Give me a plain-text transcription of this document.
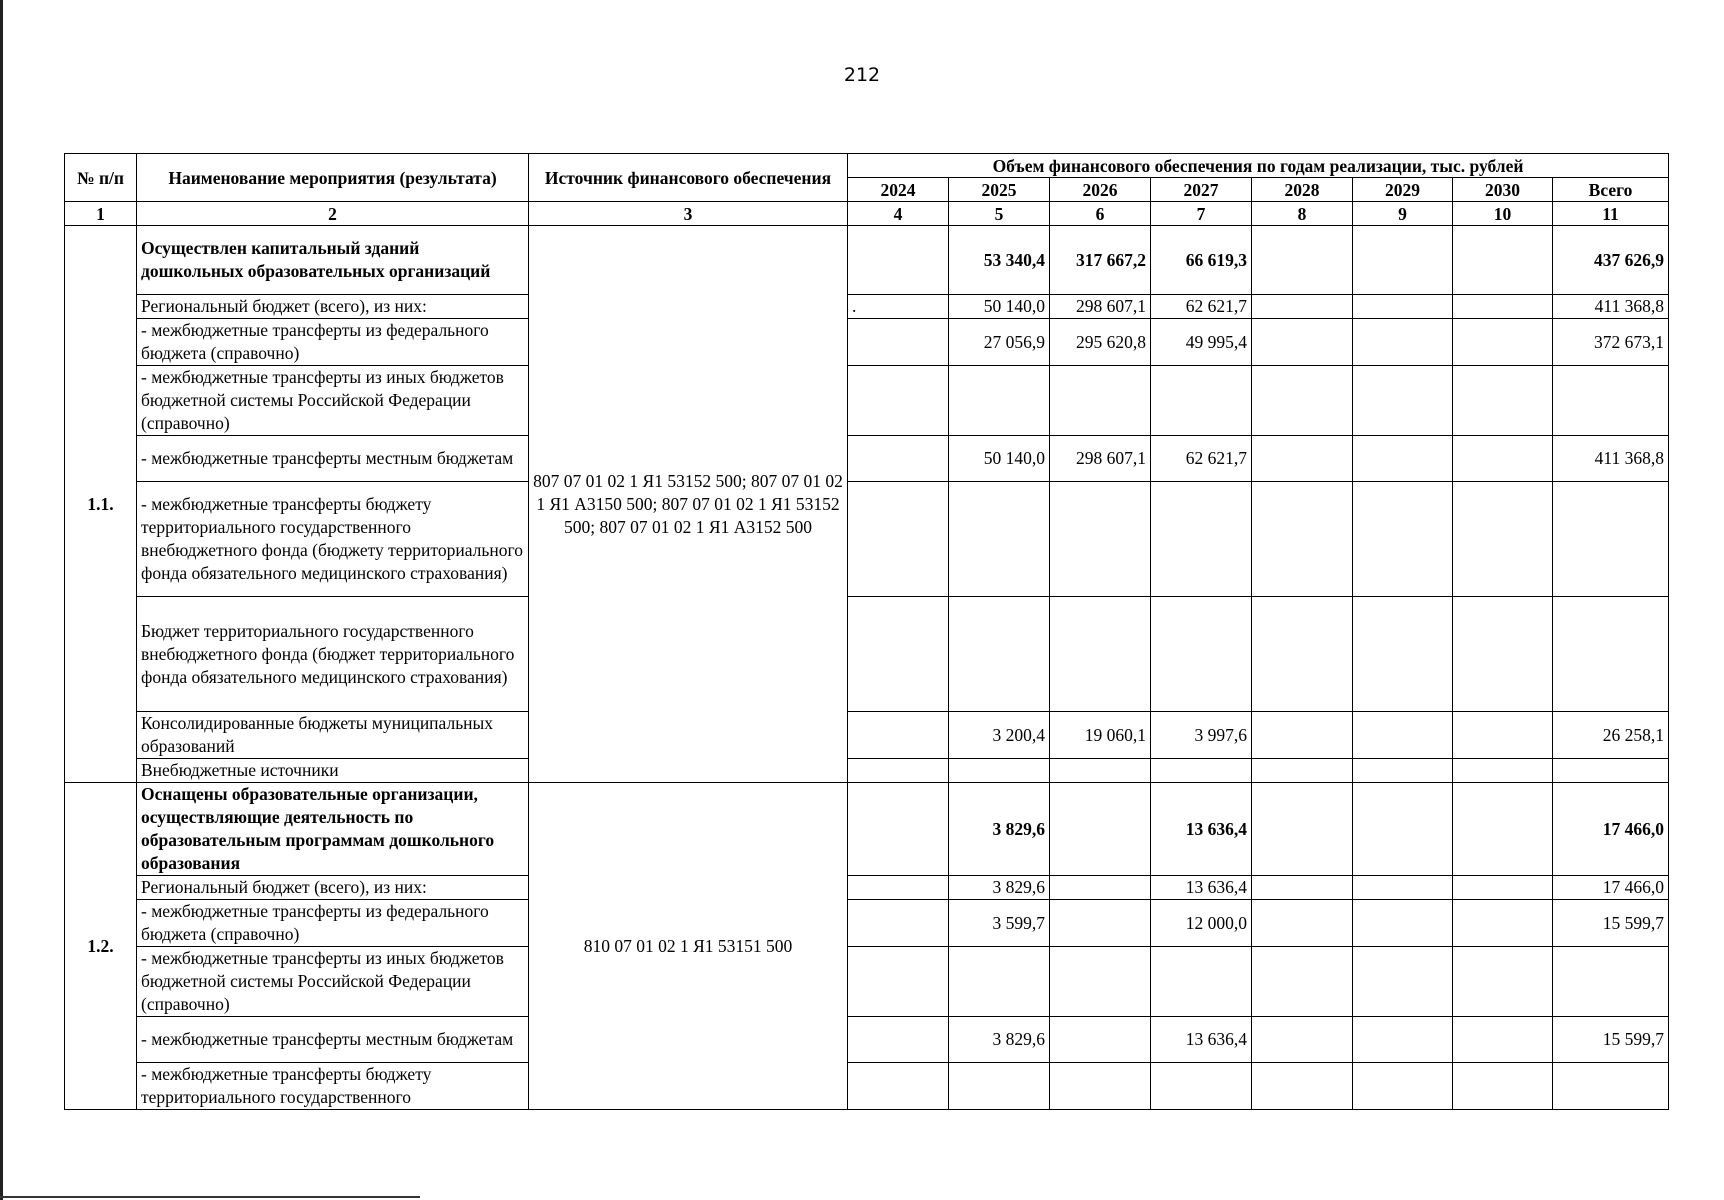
212
№ п/п	Наименование мероприятия (результата)	Источник финансового обеспечения	Объем финансового обеспечения по годам реализации, тыс. рублей							
			2024	2025	2026	2027	2028	2029	2030	Всего
1	2	3	4	5	6	7	8	9	10	11
1.1.	Осуществлен капитальный зданий дошкольных образовательных организаций	807 07 01 02 1 Я1 53152 500; 807 07 01 02 1 Я1 А3150 500; 807 07 01 02 1 Я1 53152 500; 807 07 01 02 1 Я1 А3152 500		53 340,4	317 667,2	66 619,3				437 626,9
	Региональный бюджет (всего), из них:		.	50 140,0	298 607,1	62 621,7				411 368,8
	- межбюджетные трансферты из федерального бюджета (справочно)			27 056,9	295 620,8	49 995,4				372 673,1
	- межбюджетные трансферты из иных бюджетов бюджетной системы Российской Федерации (справочно)									
	- межбюджетные трансферты местным бюджетам			50 140,0	298 607,1	62 621,7				411 368,8
	- межбюджетные трансферты бюджету территориального государственного внебюджетного фонда (бюджету территориального фонда обязательного медицинского страхования)									
	Бюджет территориального государственного внебюджетного фонда (бюджет территориального фонда обязательного медицинского страхования)									
	Консолидированные бюджеты муниципальных образований			3 200,4	19 060,1	3 997,6				26 258,1
	Внебюджетные источники									
1.2.	Оснащены образовательные организации, осуществляющие деятельность по образовательным программам дошкольного образования	810 07 01 02 1 Я1 53151 500		3 829,6		13 636,4				17 466,0
	Региональный бюджет (всего), из них:			3 829,6		13 636,4				17 466,0
	- межбюджетные трансферты из федерального бюджета (справочно)			3 599,7		12 000,0				15 599,7
	- межбюджетные трансферты из иных бюджетов бюджетной системы Российской Федерации (справочно)									
	- межбюджетные трансферты местным бюджетам			3 829,6		13 636,4				15 599,7
	- межбюджетные трансферты бюджету территориального государственного									
